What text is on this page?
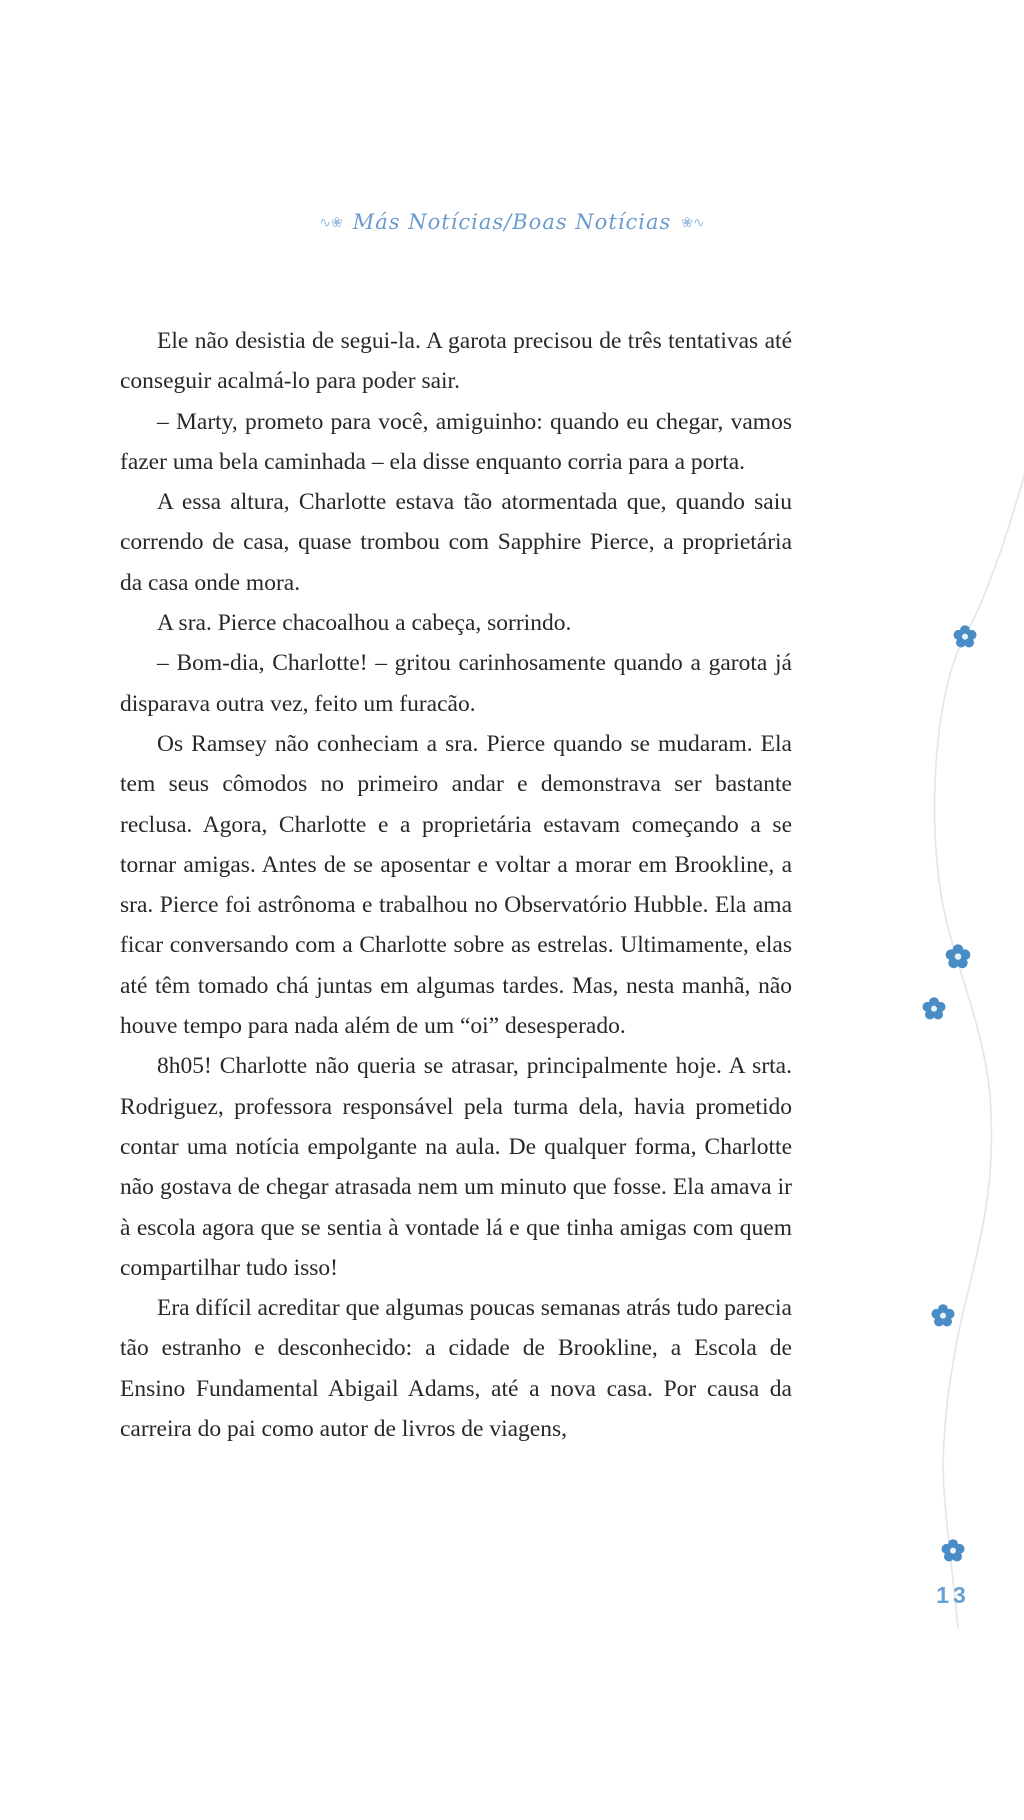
∿❀ Más Notícias/Boas Notícias ❀∿

Ele não desistia de segui-la. A garota precisou de três tentativas até conseguir acalmá-lo para poder sair.

– Marty, prometo para você, amiguinho: quando eu chegar, vamos fazer uma bela caminhada – ela disse enquanto corria para a porta.

A essa altura, Charlotte estava tão atormentada que, quando saiu correndo de casa, quase trombou com Sapphire Pierce, a proprietária da casa onde mora.

A sra. Pierce chacoalhou a cabeça, sorrindo.

– Bom-dia, Charlotte! – gritou carinhosamente quando a garota já disparava outra vez, feito um furacão.

Os Ramsey não conheciam a sra. Pierce quando se mudaram. Ela tem seus cômodos no primeiro andar e demonstrava ser bastante reclusa. Agora, Charlotte e a proprietária estavam começando a se tornar amigas. Antes de se aposentar e voltar a morar em Brookline, a sra. Pierce foi astrônoma e trabalhou no Observatório Hubble. Ela ama ficar conversando com a Charlotte sobre as estrelas. Ultimamente, elas até têm tomado chá juntas em algumas tardes. Mas, nesta manhã, não houve tempo para nada além de um “oi” desesperado.

8h05! Charlotte não queria se atrasar, principalmente hoje. A srta. Rodriguez, professora responsável pela turma dela, havia prometido contar uma notícia empolgante na aula. De qualquer forma, Charlotte não gostava de chegar atrasada nem um minuto que fosse. Ela amava ir à escola agora que se sentia à vontade lá e que tinha amigas com quem compartilhar tudo isso!

Era difícil acreditar que algumas poucas semanas atrás tudo parecia tão estranho e desconhecido: a cidade de Brookline, a Escola de Ensino Fundamental Abigail Adams, até a nova casa. Por causa da carreira do pai como autor de livros de viagens,

13
